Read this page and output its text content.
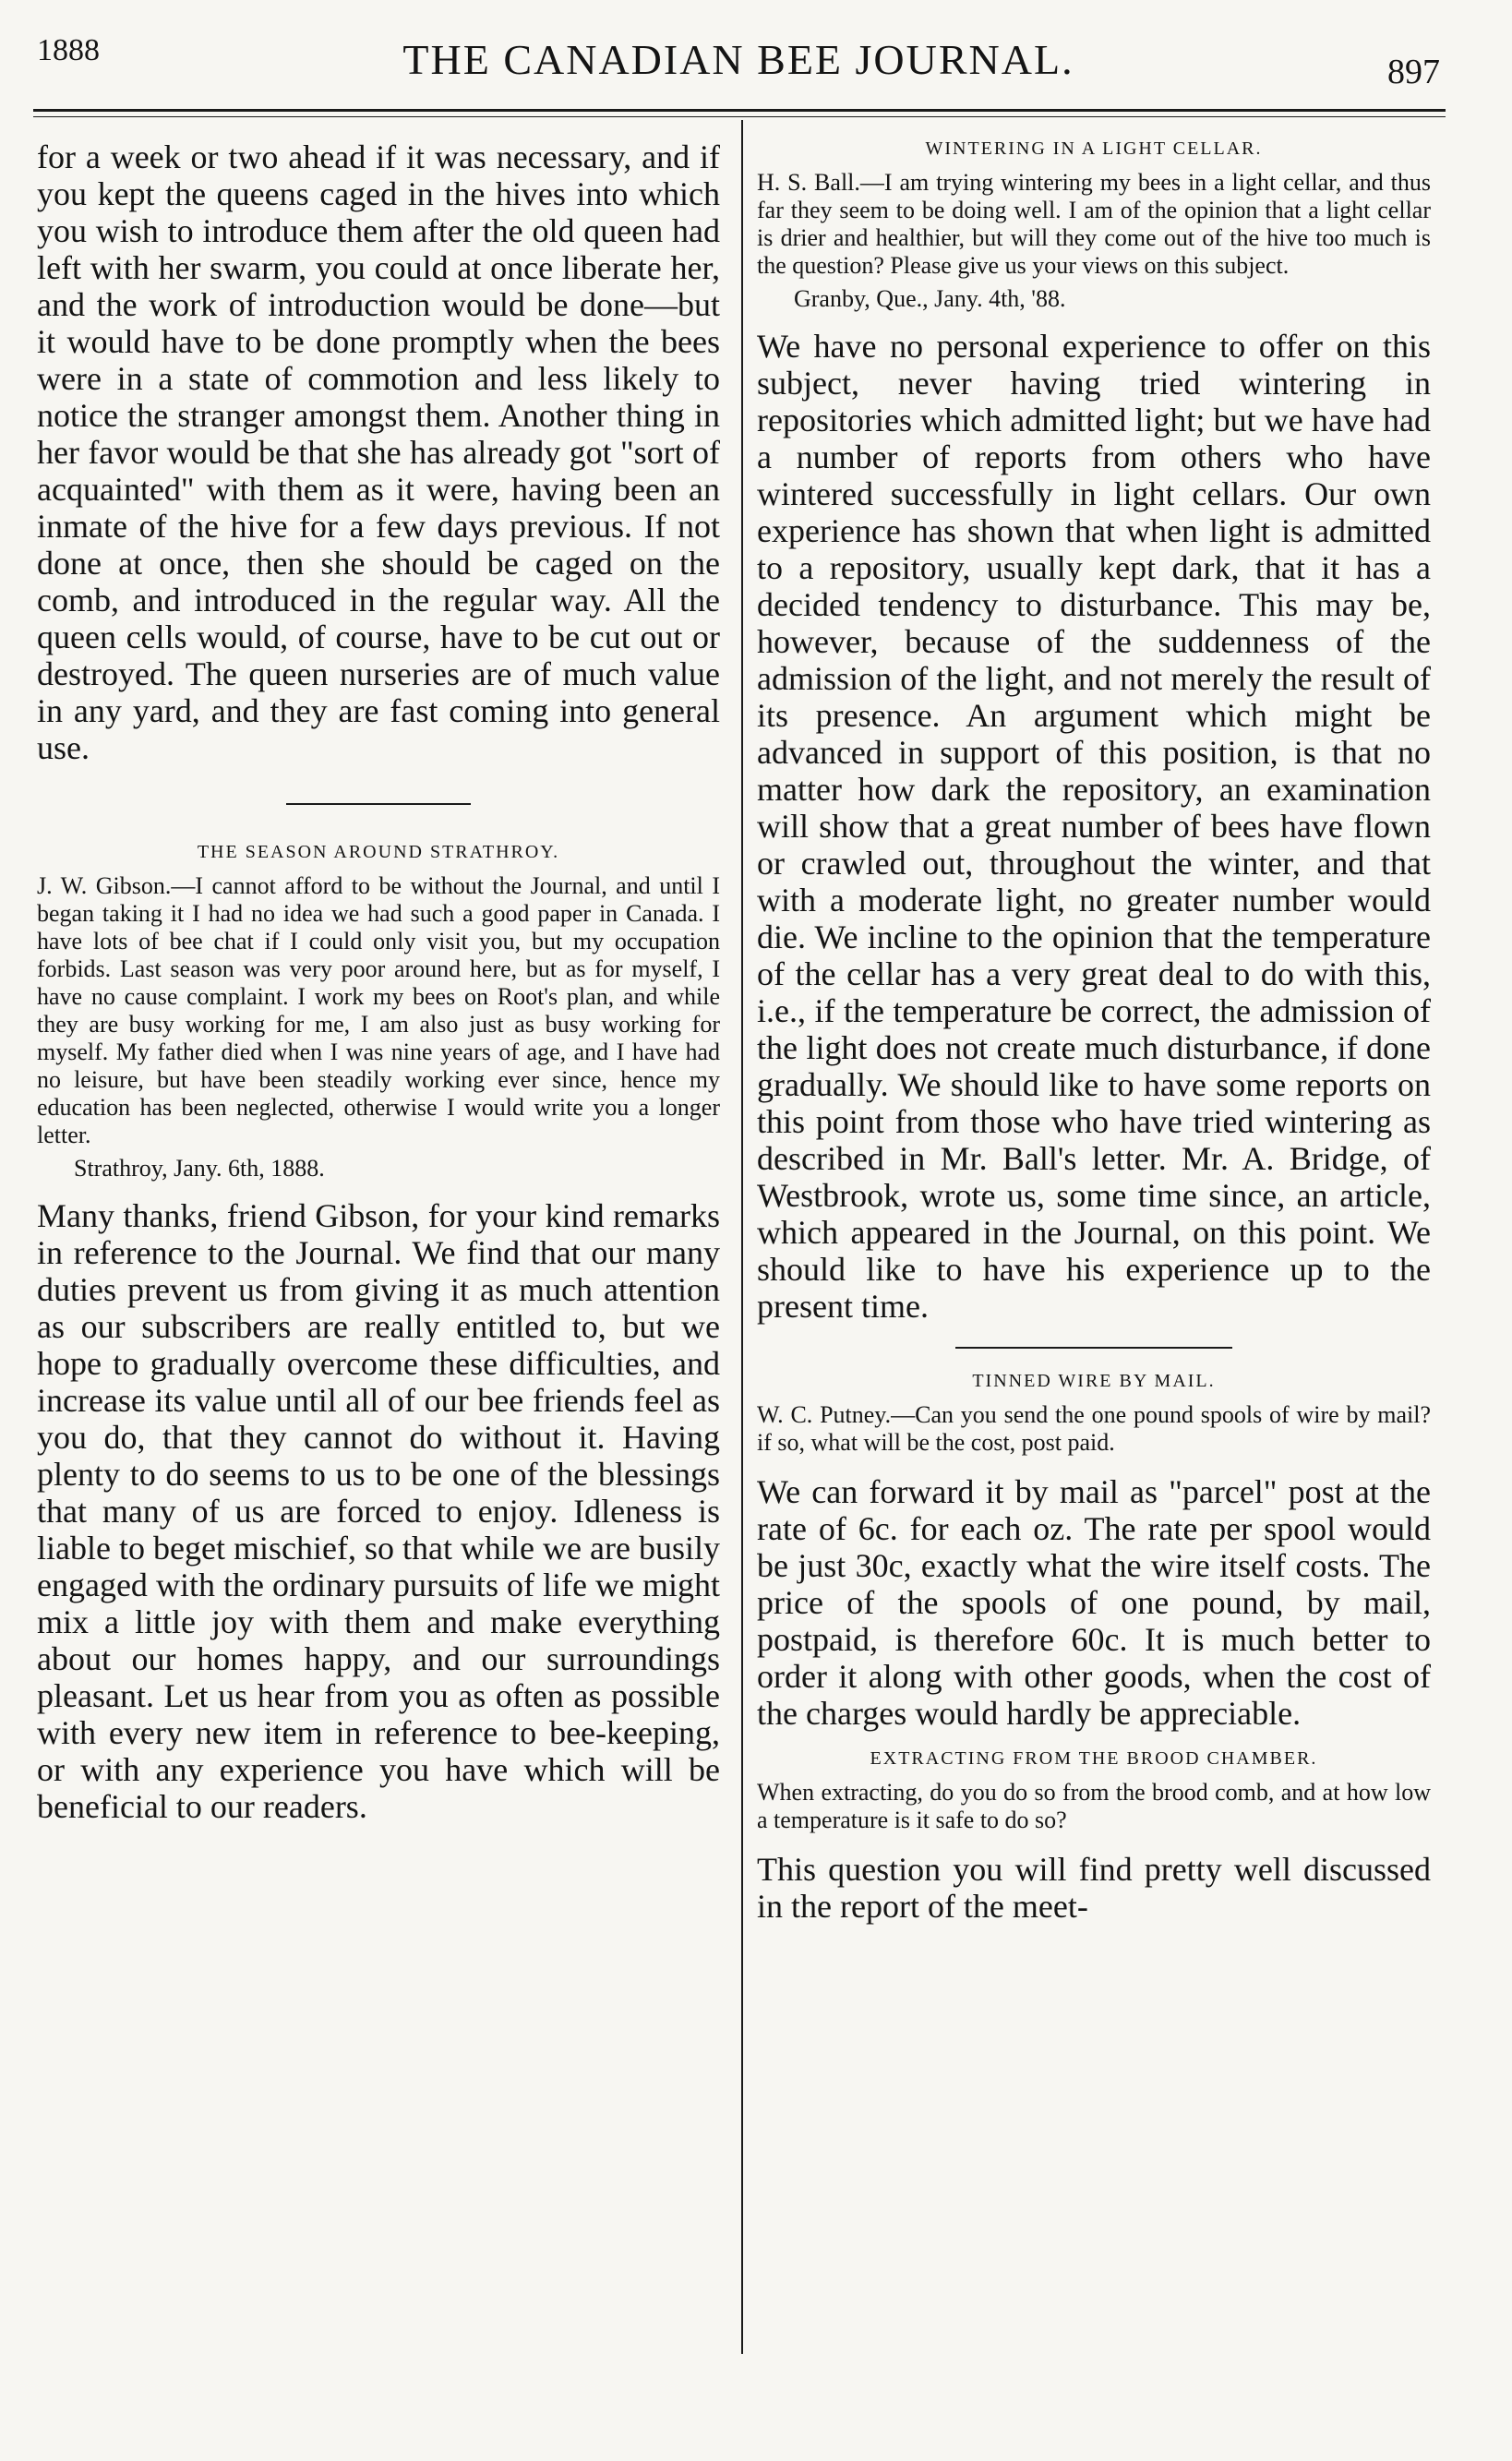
1888	THE CANADIAN BEE JOURNAL.	897

for a week or two ahead if it was necessary, and if you kept the queens caged in the hives into which you wish to introduce them after the old queen had left with her swarm, you could at once liberate her, and the work of introduction would be done—but it would have to be done promptly when the bees were in a state of commotion and less likely to notice the stranger amongst them. Another thing in her favor would be that she has already got "sort of acquainted" with them as it were, having been an inmate of the hive for a few days previous. If not done at once, then she should be caged on the comb, and introduced in the regular way. All the queen cells would, of course, have to be cut out or destroyed. The queen nurseries are of much value in any yard, and they are fast coming into general use.

THE SEASON AROUND STRATHROY.

J. W. Gibson.—I cannot afford to be without the Journal, and until I began taking it I had no idea we had such a good paper in Canada. I have lots of bee chat if I could only visit you, but my occupation forbids. Last season was very poor around here, but as for myself, I have no cause complaint. I work my bees on Root's plan, and while they are busy working for me, I am also just as busy working for myself. My father died when I was nine years of age, and I have had no leisure, but have been steadily working ever since, hence my education has been neglected, otherwise I would write you a longer letter.

Strathroy, Jany. 6th, 1888.

Many thanks, friend Gibson, for your kind remarks in reference to the Journal. We find that our many duties prevent us from giving it as much attention as our subscribers are really entitled to, but we hope to gradually overcome these difficulties, and increase its value until all of our bee friends feel as you do, that they cannot do without it. Having plenty to do seems to us to be one of the blessings that many of us are forced to enjoy. Idleness is liable to beget mischief, so that while we are busily engaged with the ordinary pursuits of life we might mix a little joy with them and make everything about our homes happy, and our surroundings pleasant. Let us hear from you as often as possible with every new item in reference to bee-keeping, or with any experience you have which will be beneficial to our readers.

WINTERING IN A LIGHT CELLAR.

H. S. Ball.—I am trying wintering my bees in a light cellar, and thus far they seem to be doing well. I am of the opinion that a light cellar is drier and healthier, but will they come out of the hive too much is the question? Please give us your views on this subject.

Granby, Que., Jany. 4th, '88.

We have no personal experience to offer on this subject, never having tried wintering in repositories which admitted light; but we have had a number of reports from others who have wintered successfully in light cellars. Our own experience has shown that when light is admitted to a repository, usually kept dark, that it has a decided tendency to disturbance. This may be, however, because of the suddenness of the admission of the light, and not merely the result of its presence. An argument which might be advanced in support of this position, is that no matter how dark the repository, an examination will show that a great number of bees have flown or crawled out, throughout the winter, and that with a moderate light, no greater number would die. We incline to the opinion that the temperature of the cellar has a very great deal to do with this, i.e., if the temperature be correct, the admission of the light does not create much disturbance, if done gradually. We should like to have some reports on this point from those who have tried wintering as described in Mr. Ball's letter. Mr. A. Bridge, of Westbrook, wrote us, some time since, an article, which appeared in the Journal, on this point. We should like to have his experience up to the present time.

TINNED WIRE BY MAIL.

W. C. Putney.—Can you send the one pound spools of wire by mail? if so, what will be the cost, post paid.

We can forward it by mail as "parcel" post at the rate of 6c. for each oz. The rate per spool would be just 30c, exactly what the wire itself costs. The price of the spools of one pound, by mail, postpaid, is therefore 60c. It is much better to order it along with other goods, when the cost of the charges would hardly be appreciable.

EXTRACTING FROM THE BROOD CHAMBER.

When extracting, do you do so from the brood comb, and at how low a temperature is it safe to do so?

This question you will find pretty well discussed in the report of the meet-
